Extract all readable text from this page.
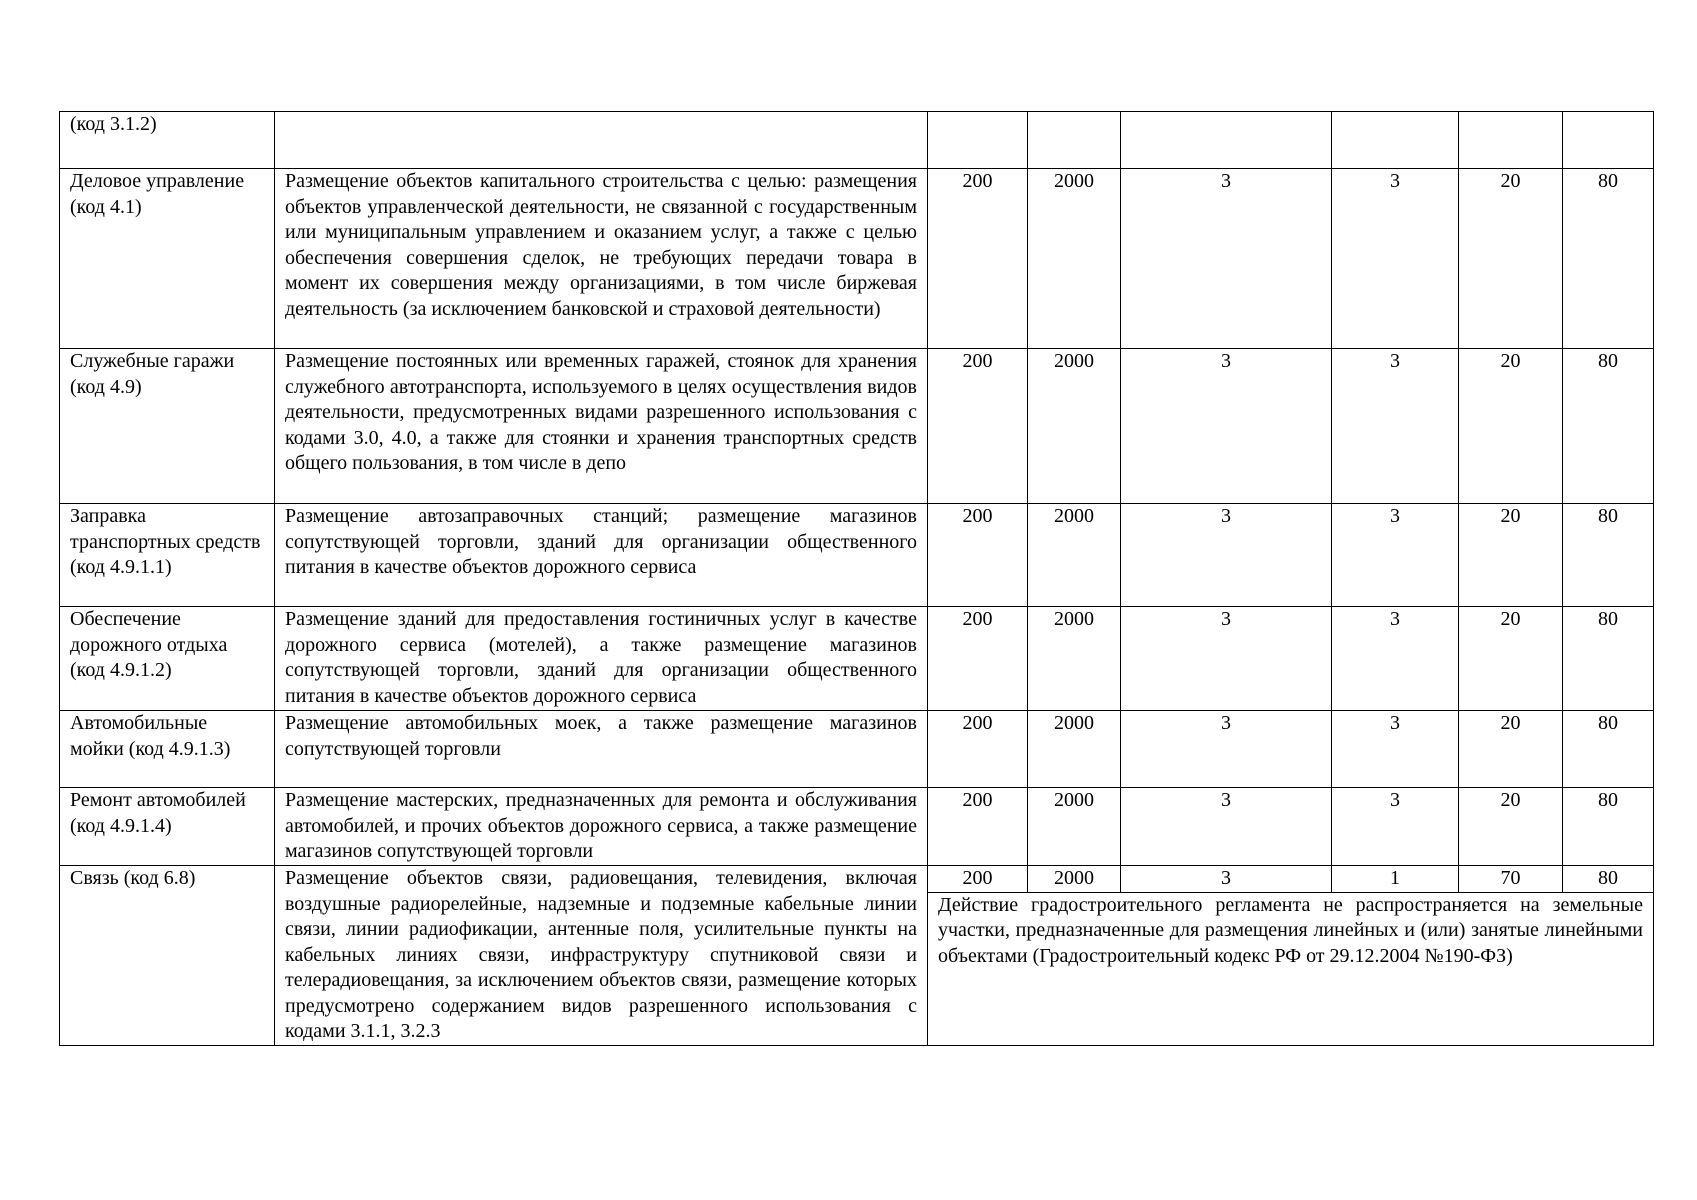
(код 3.1.2)							
Деловое управление (код 4.1)	Размещение объектов капитального строительства с целью: размещения объектов управленческой деятельности, не связанной с государственным или муниципальным управлением и оказанием услуг, а также с целью обеспечения совершения сделок, не требующих передачи товара в момент их совершения между организациями, в том числе биржевая деятельность (за исключением банковской и страховой деятельности)	200	2000	3	3	20	80
Служебные гаражи (код 4.9)	Размещение постоянных или временных гаражей, стоянок для хранения служебного автотранспорта, используемого в целях осуществления видов деятельности, предусмотренных видами разрешенного использования с кодами 3.0, 4.0, а также для стоянки и хранения транспортных средств общего пользования, в том числе в депо	200	2000	3	3	20	80
Заправка транспортных средств (код 4.9.1.1)	Размещение автозаправочных станций; размещение магазинов сопутствующей торговли, зданий для организации общественного питания в качестве объектов дорожного сервиса	200	2000	3	3	20	80
Обеспечение дорожного отдыха (код 4.9.1.2)	Размещение зданий для предоставления гостиничных услуг в качестве дорожного сервиса (мотелей), а также размещение магазинов сопутствующей торговли, зданий для организации общественного питания в качестве объектов дорожного сервиса	200	2000	3	3	20	80
Автомобильные мойки (код 4.9.1.3)	Размещение автомобильных моек, а также размещение магазинов сопутствующей торговли	200	2000	3	3	20	80
Ремонт автомобилей (код 4.9.1.4)	Размещение мастерских, предназначенных для ремонта и обслуживания автомобилей, и прочих объектов дорожного сервиса, а также размещение магазинов сопутствующей торговли	200	2000	3	3	20	80
Связь (код 6.8)	Размещение объектов связи, радиовещания, телевидения, включая воздушные радиорелейные, надземные и подземные кабельные линии связи, линии радиофикации, антенные поля, усилительные пункты на кабельных линиях связи, инфраструктуру спутниковой связи и телерадиовещания, за исключением объектов связи, размещение которых предусмотрено содержанием видов разрешенного использования с кодами 3.1.1, 3.2.3	200	2000	3	1	70	80
		Действие градостроительного регламента не распространяется на земельные участки, предназначенные для размещения линейных и (или) занятые линейными объектами (Градостроительный кодекс РФ от 29.12.2004 №190-ФЗ)					
